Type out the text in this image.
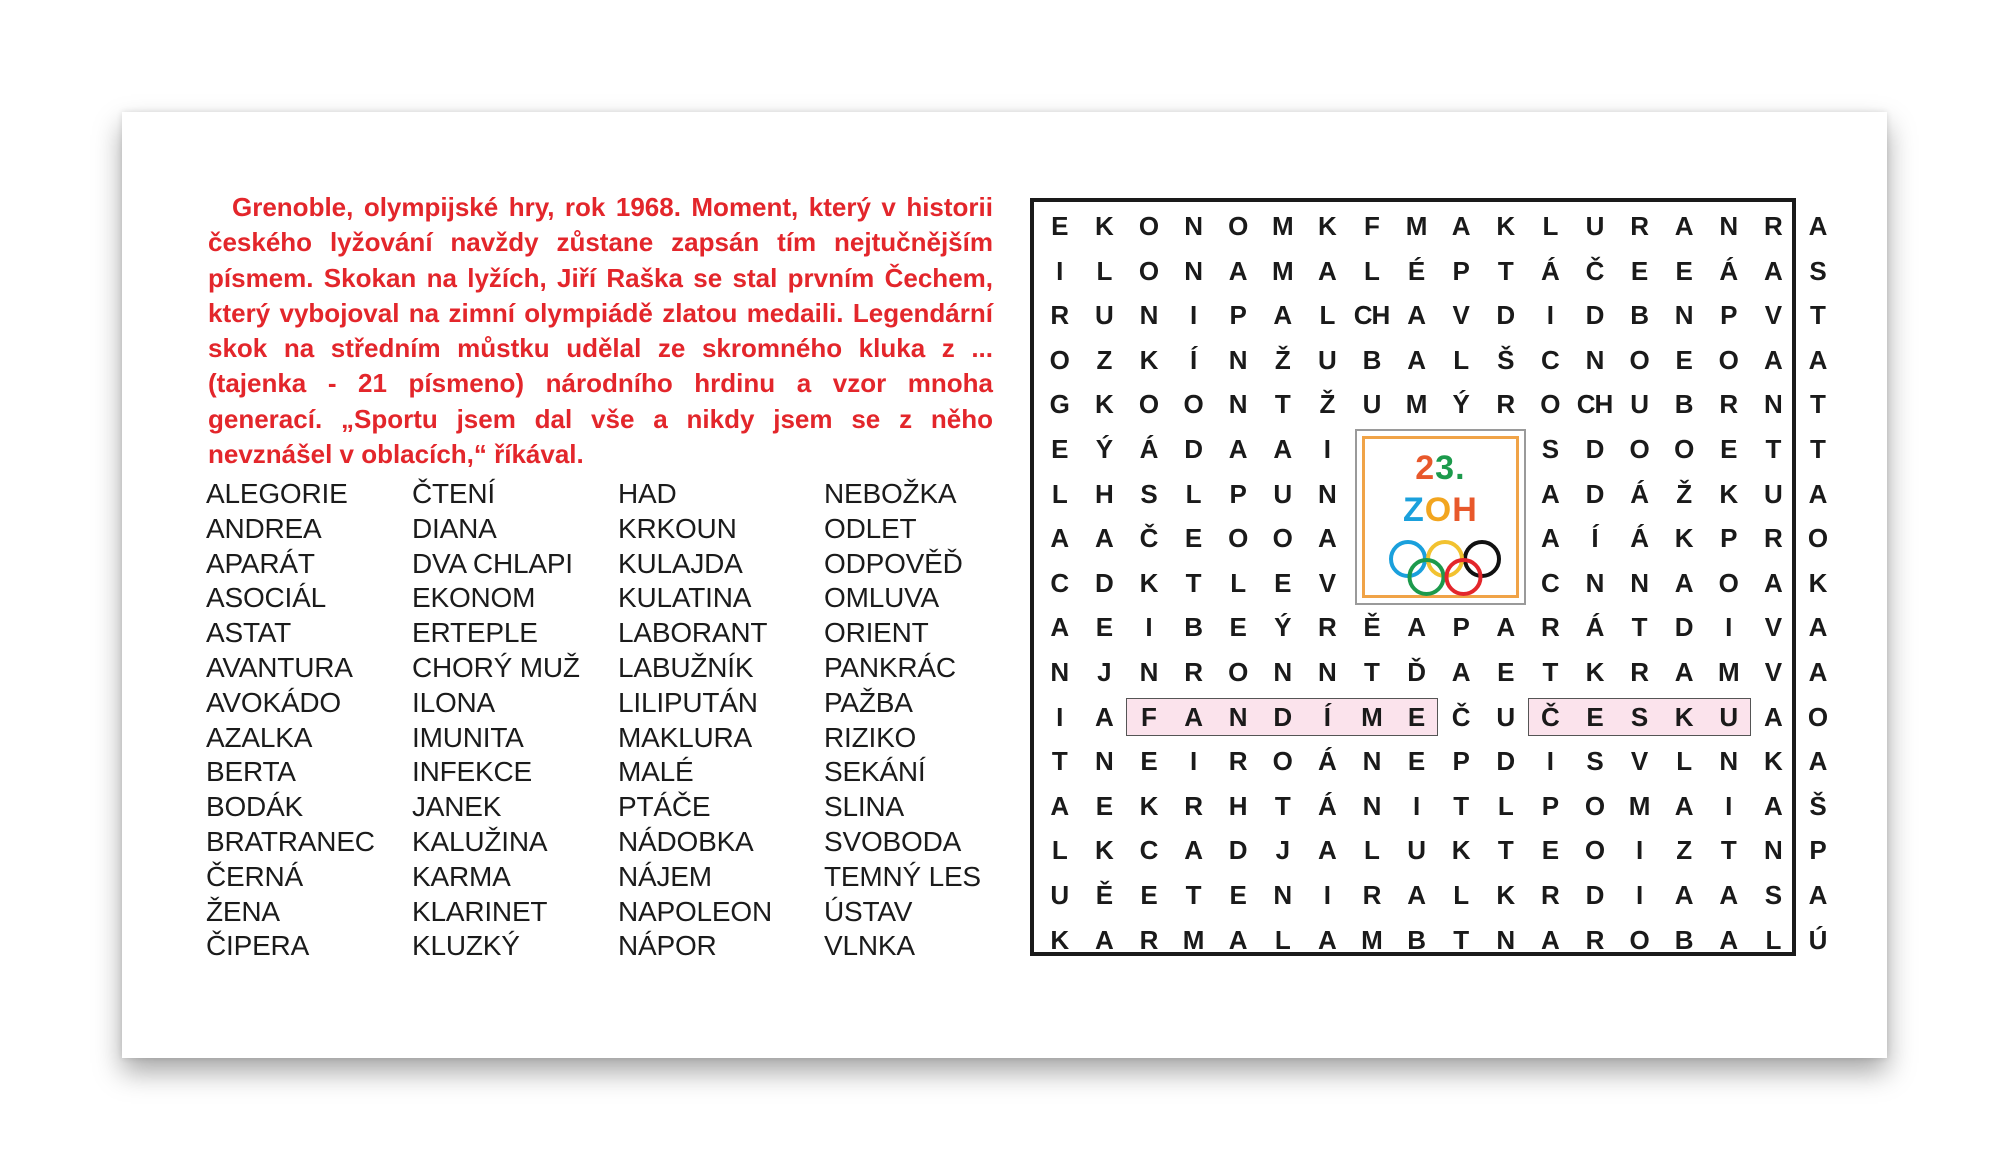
Grenoble, olympijské hry, rok 1968. Moment, který v historii českého lyžování navždy zůstane zapsán tím nejtučnějším písmem. Skokan na lyžích, Jiří Raška se stal prvním Čechem, který vybojoval na zimní olympiádě zlatou medaili. Legendární skok na středním můstku udělal ze skromného kluka z ... (tajenka - 21 písmeno) národního hrdinu a vzor mnoha generací. „Sportu jsem dal vše a nikdy jsem se z něho nevznášel v oblacích,“ říkával.

ALEGORIE
ANDREA
APARÁT
ASOCIÁL
ASTAT
AVANTURA
AVOKÁDO
AZALKA
BERTA
BODÁK
BRATRANEC
ČERNÁ
ŽENA
ČIPERA
ČTENÍ
DIANA
DVA CHLAPI
EKONOM
ERTEPLE
CHORÝ MUŽ
ILONA
IMUNITA
INFEKCE
JANEK
KALUŽINA
KARMA
KLARINET
KLUZKÝ
HAD
KRKOUN
KULAJDA
KULATINA
LABORANT
LABUŽNÍK
LILIPUTÁN
MAKLURA
MALÉ
PTÁČE
NÁDOBKA
NÁJEM
NAPOLEON
NÁPOR
NEBOŽKA
ODLET
ODPOVĚĎ
OMLUVA
ORIENT
PANKRÁC
PAŽBA
RIZIKO
SEKÁNÍ
SLINA
SVOBODA
TEMNÝ LES
ÚSTAV
VLNKA
E	K	O	N	O M K	F	M A	K	L	U	R	A	N	R	A
I	L	O	N	A M A	L	É	P	T	Á	Č	E	E	Á	A	S
R	U	N	I	P	A	L CH A	V	D	I	D	B	N	P	V	T
O	Z	K	Í	N	Ž	U	B	A	L	Š	C	N	O	E	O	A	A
G	K	O O	N	T	Ž	U M	Ý	R	O CH U	B	R	N	T
E	Ý	Á	D	A	A	I	S	D	O O	E	T	T
L	H	S	L	P	U	N	A	D	Á	Ž	K	U	A
A	A	Č	E	O O	A	A	Í	Á	K	P	R	O
C	D	K	T	L	E	V	C	N	N	A	O	A	K
A	E	I	B	E	Ý	R	Ě	A	P	A	R	Á	T	D	I	V	A
N	J	N	R	O	N	N	T	Ď	A	E	T	K	R	A M	V	A
I	A	F	A	N	D	Í	M	E	Č	U	Č	E	S	K	U	A	O
T	N	E	I	R	O	Á	N	E	P	D	I	S	V	L	N	K	A
A	E	K	R	H	T	Á	N	I	T	L	P	O M A	I	A	Š
L	K	C	A	D	J	A	L	U	K	T	E	O	I	Z	T	N	P
U	Ě	E	T	E	N	I	R	A	L	K	R	D	I	A	A	S	A
K	A	R M A	L	A M B	T	N	A	R	O	B	A	L	Ú
23.
ZOH
